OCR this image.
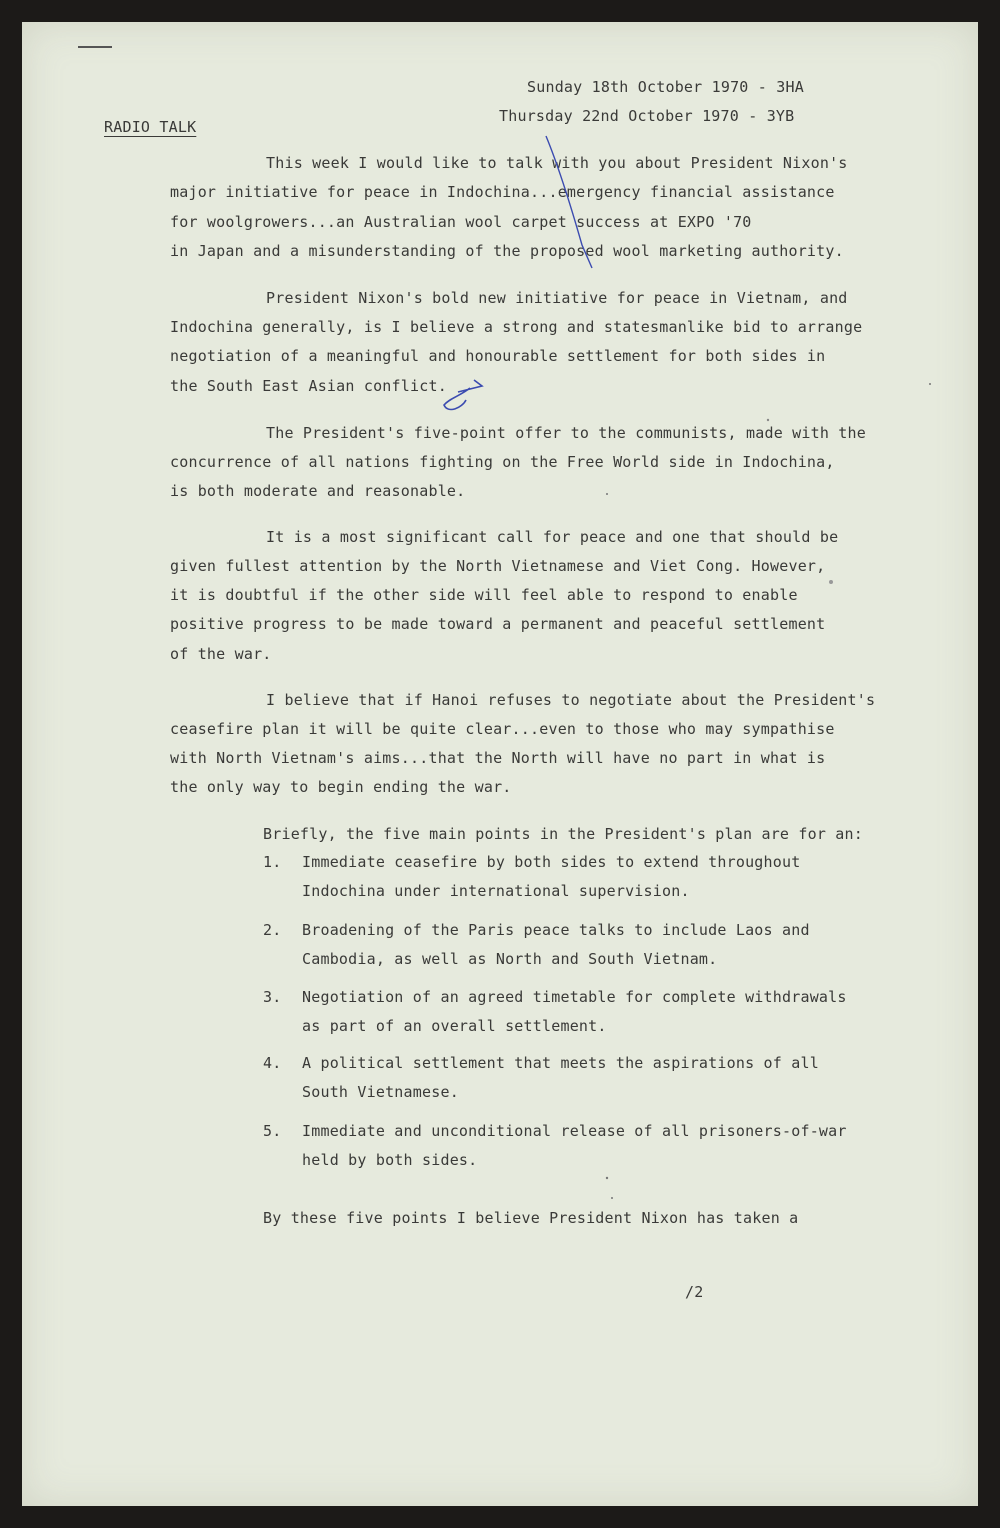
Sunday 18th October 1970 - 3HA
Thursday 22nd October 1970 - 3YB
RADIO TALK
This week I would like to talk with you about President Nixon's
major initiative for peace in Indochina...emergency financial assistance
for woolgrowers...an Australian wool carpet success at EXPO '70
in Japan and a misunderstanding of the proposed wool marketing authority.
President Nixon's bold new initiative for peace in Vietnam, and
Indochina generally, is I believe a strong and statesmanlike bid to arrange
negotiation of a meaningful and honourable settlement for both sides in
the South East Asian conflict.
The President's five-point offer to the communists, made with the
concurrence of all nations fighting on the Free World side in Indochina,
is both moderate and reasonable.
It is a most significant call for peace and one that should be
given fullest attention by the North Vietnamese and Viet Cong. However,
it is doubtful if the other side will feel able to respond to enable
positive progress to be made toward a permanent and peaceful settlement
of the war.
I believe that if Hanoi refuses to negotiate about the President's
ceasefire plan it will be quite clear...even to those who may sympathise
with North Vietnam's aims...that the North will have no part in what is
the only way to begin ending the war.
Briefly, the five main points in the President's plan are for an:
1. Immediate ceasefire by both sides to extend throughout
Indochina under international supervision.
2. Broadening of the Paris peace talks to include Laos and
Cambodia, as well as North and South Vietnam.
3. Negotiation of an agreed timetable for complete withdrawals
as part of an overall settlement.
4. A political settlement that meets the aspirations of all
South Vietnamese.
5. Immediate and unconditional release of all prisoners-of-war
held by both sides.
By these five points I believe President Nixon has taken a
/2
